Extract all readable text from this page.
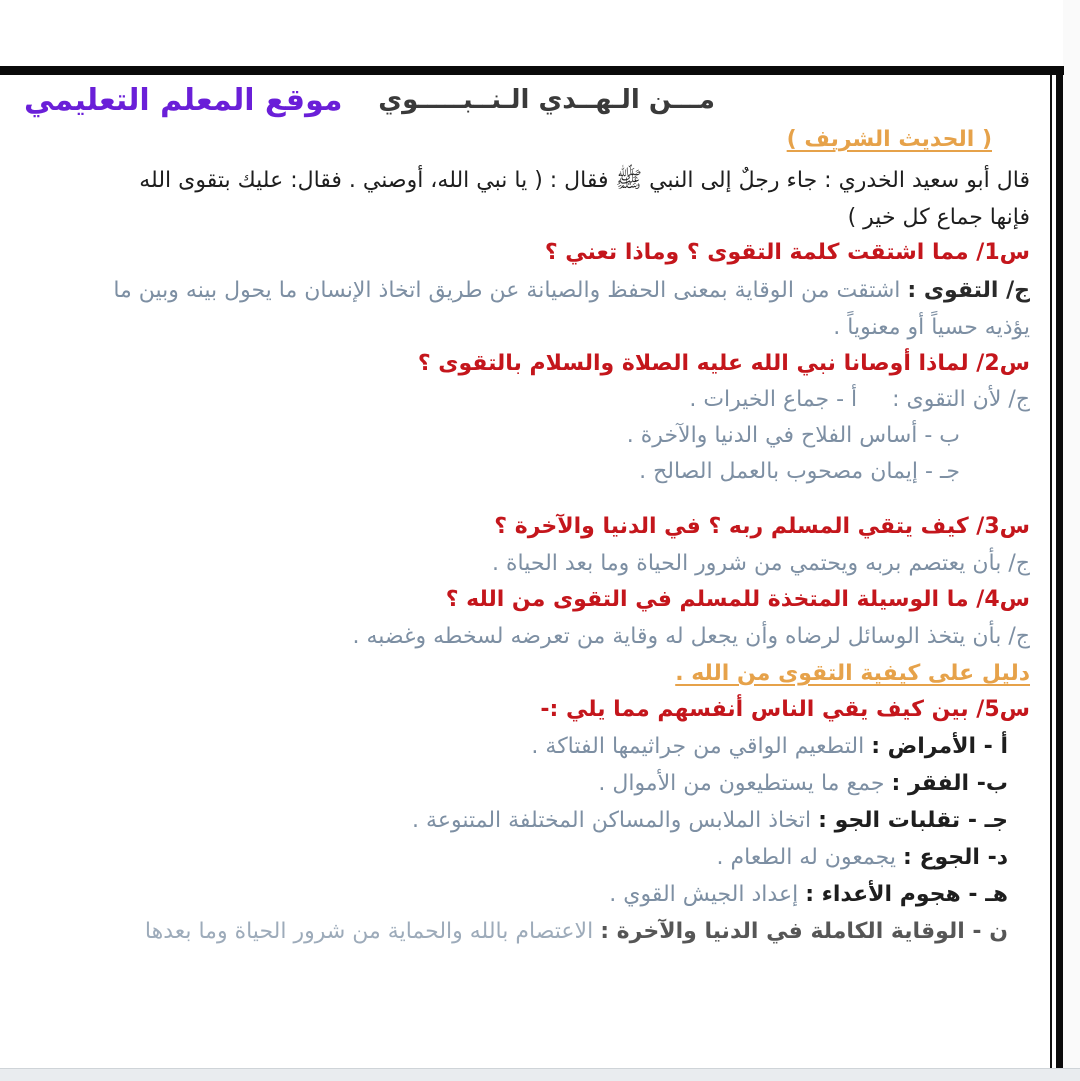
موقع المعلم التعليمي مـــن الـهــدي الـنــبـــــوي
( الحديث الشريف )
قال أبو سعيد الخدري : جاء رجلٌ إلى النبي ﷺ فقال : ( يا نبي الله، أوصني . فقال: عليك بتقوى الله
فإنها جماع كل خير )
س1/ مما اشتقت كلمة التقوى ؟ وماذا تعني ؟
ج/ التقوى : اشتقت من الوقاية بمعنى الحفظ والصيانة عن طريق اتخاذ الإنسان ما يحول بينه وبين ما
يؤذيه حسياً أو معنوياً .
س2/ لماذا أوصانا نبي الله عليه الصلاة والسلام بالتقوى ؟
ج/ لأن التقوى :     أ - جماع الخيرات .
ب - أساس الفلاح في الدنيا والآخرة .
جـ - إيمان مصحوب بالعمل الصالح .
س3/ كيف يتقي المسلم ربه ؟ في الدنيا والآخرة ؟
ج/ بأن يعتصم بربه ويحتمي من شرور الحياة وما بعد الحياة .
س4/ ما الوسيلة المتخذة للمسلم في التقوى من الله ؟
ج/ بأن يتخذ الوسائل لرضاه وأن يجعل له وقاية من تعرضه لسخطه وغضبه .
دليل على كيفية التقوى من الله .
س5/ بين كيف يقي الناس أنفسهم مما يلي :-
أ - الأمراض : التطعيم الواقي من جراثيمها الفتاكة .
ب- الفقر : جمع ما يستطيعون من الأموال .
جـ - تقلبات الجو : اتخاذ الملابس والمساكن المختلفة المتنوعة .
د- الجوع : يجمعون له الطعام .
هـ - هجوم الأعداء : إعداد الجيش القوي .
ن - الوقاية الكاملة في الدنيا والآخرة : الاعتصام بالله والحماية من شرور الحياة وما بعدها
